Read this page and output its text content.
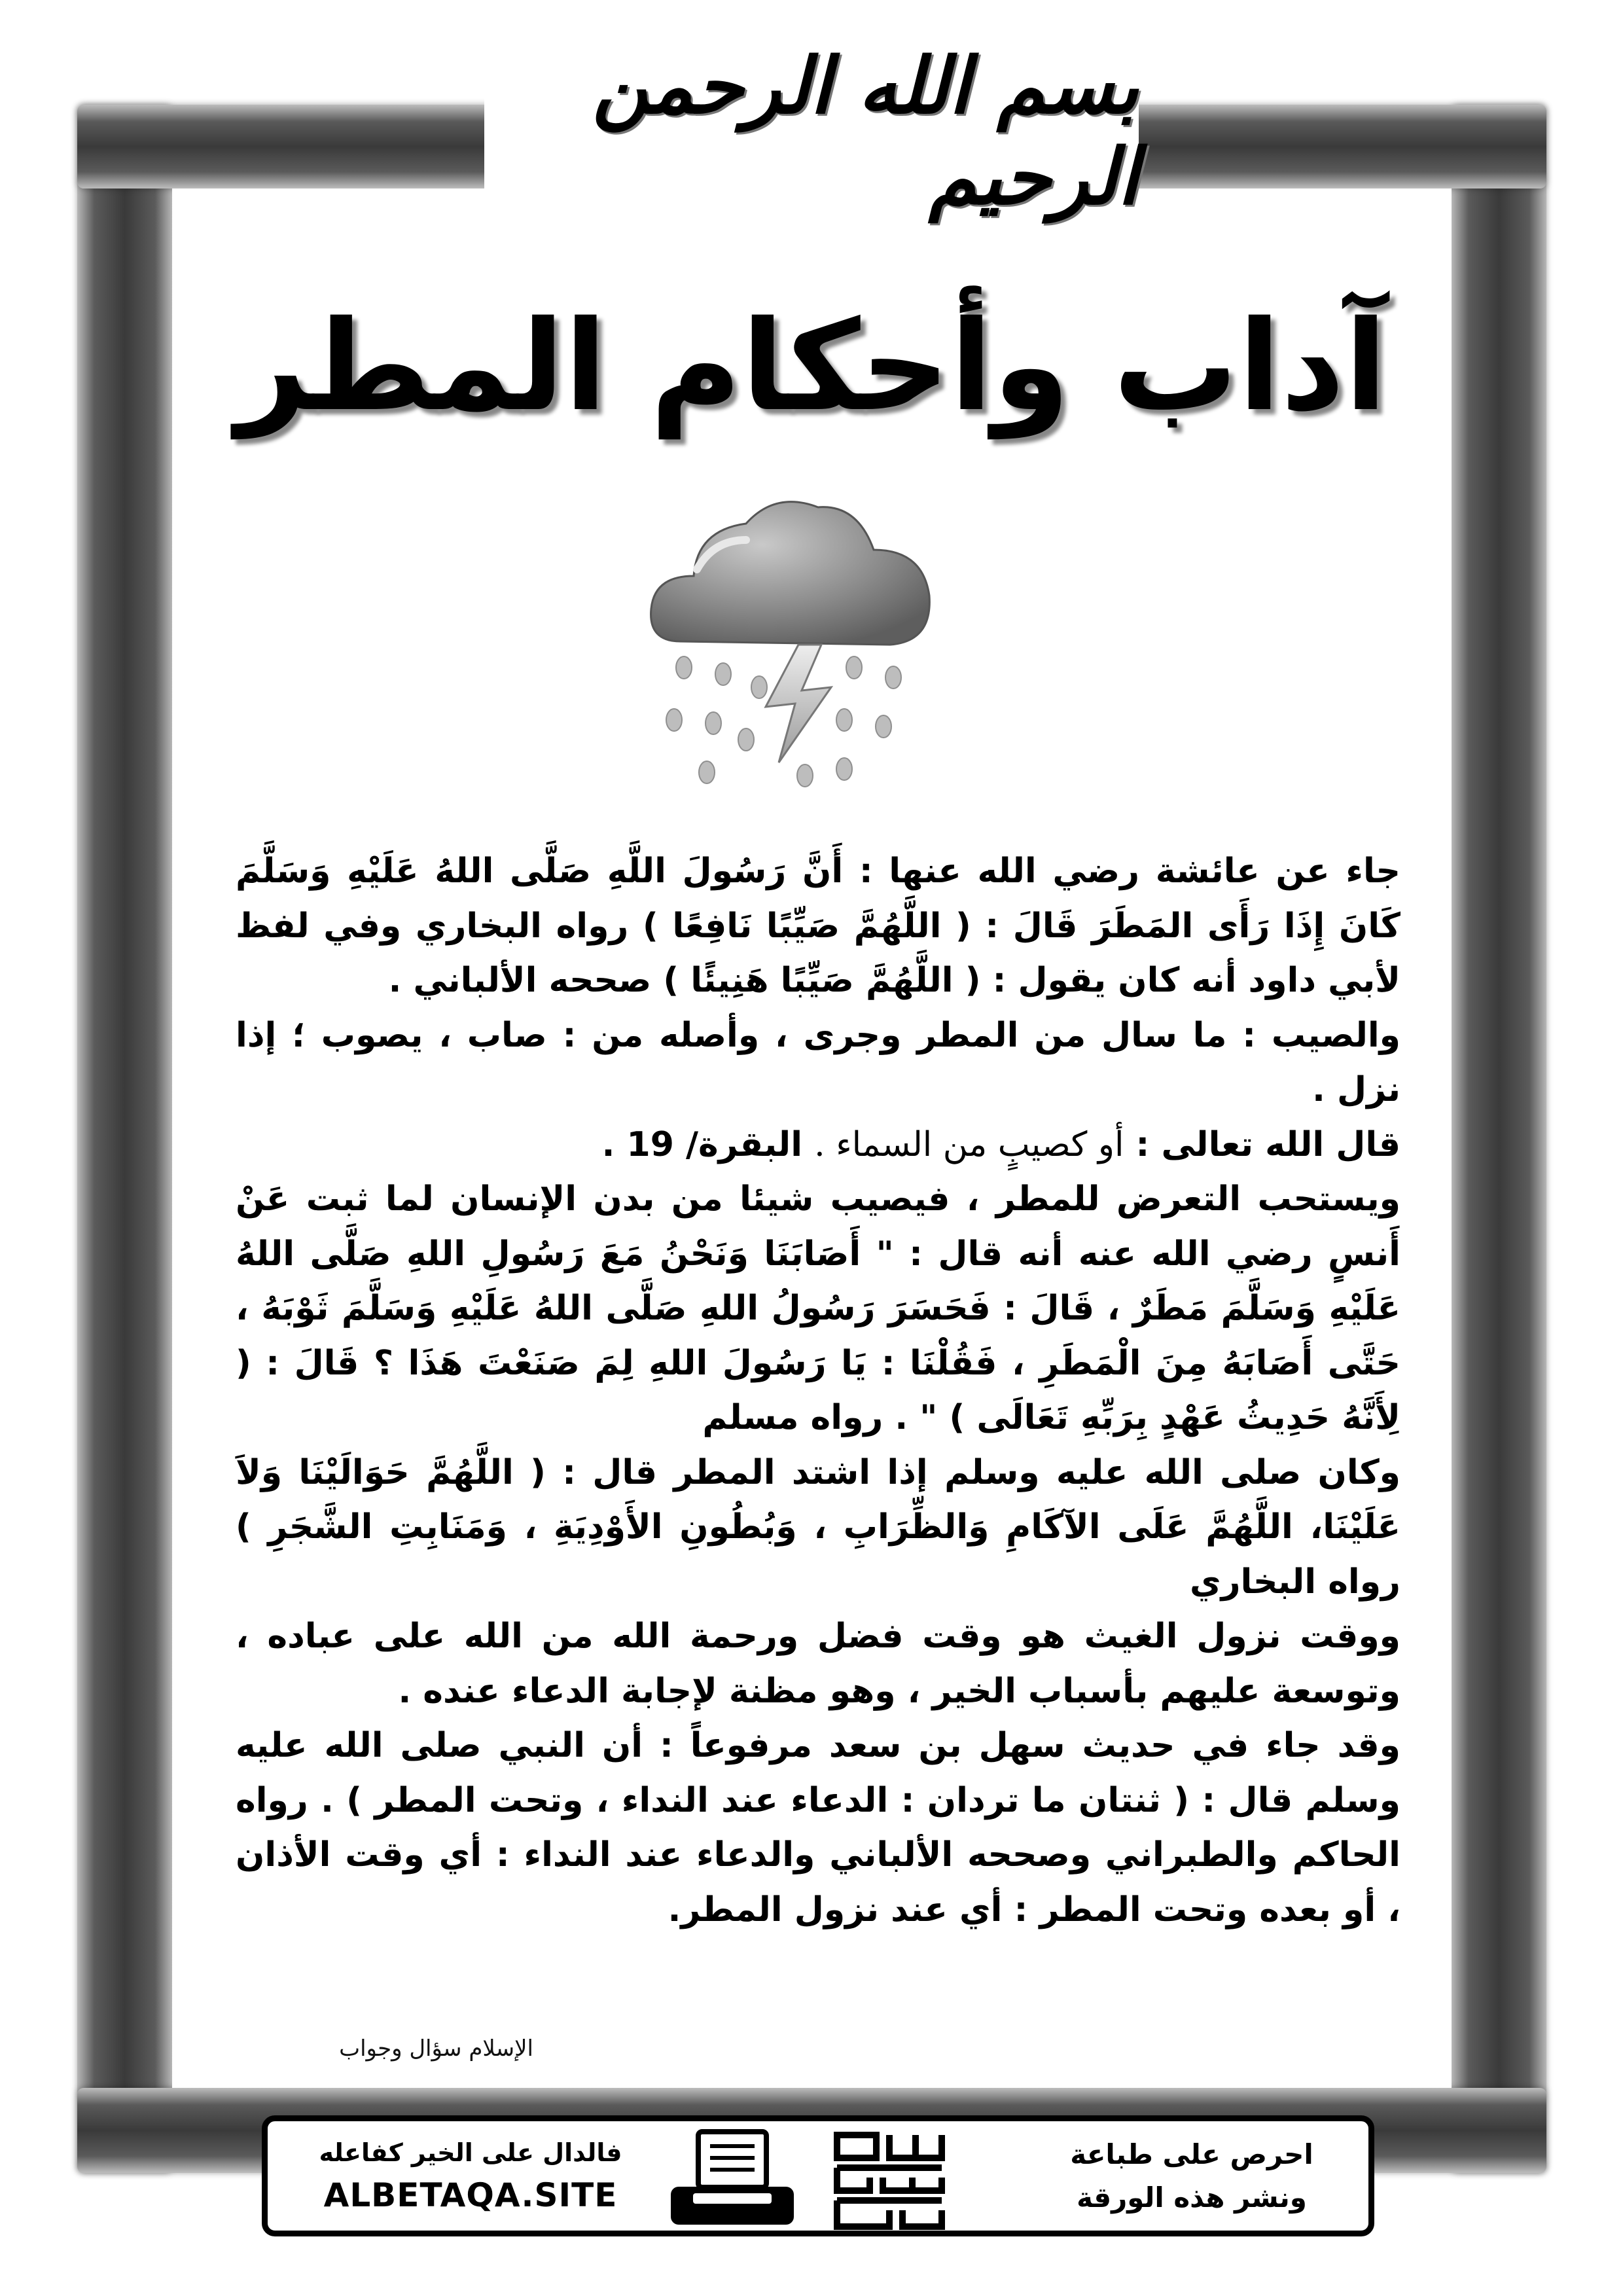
بسم الله الرحمن الرحيم
آداب وأحكام المطر

جاء عن عائشة رضي الله عنها : أَنَّ رَسُولَ اللَّهِ صَلَّى اللهُ عَلَيْهِ وَسَلَّمَ كَانَ إِذَا رَأَى المَطَرَ قَالَ : ( اللَّهُمَّ صَيِّبًا نَافِعًا ) رواه البخاري وفي لفظ لأبي داود أنه كان يقول : ( اللَّهُمَّ صَيِّبًا هَنِيئًا ) صححه الألباني .

والصيب : ما سال من المطر وجرى ، وأصله من : صاب ، يصوب ؛ إذا نزل .

قال الله تعالى : أو كصيبٍ من السماء . البقرة/ 19 .

ويستحب التعرض للمطر ، فيصيب شيئا من بدن الإنسان لما ثبت عَنْ أَنسٍ رضي الله عنه أنه قال : " أَصَابَنَا وَنَحْنُ مَعَ رَسُولِ اللهِ صَلَّى اللهُ عَلَيْهِ وَسَلَّمَ مَطَرٌ ، قَالَ : فَحَسَرَ رَسُولُ اللهِ صَلَّى اللهُ عَلَيْهِ وَسَلَّمَ ثَوْبَهُ ، حَتَّى أَصَابَهُ مِنَ الْمَطَرِ ، فَقُلْنَا : يَا رَسُولَ اللهِ لِمَ صَنَعْتَ هَذَا ؟ قَالَ : ( لِأَنَّهُ حَدِيثُ عَهْدٍ بِرَبِّهِ تَعَالَى ) " . رواه مسلم

وكان صلى الله عليه وسلم إذا اشتد المطر قال : ( اللَّهُمَّ حَوَالَيْنَا وَلاَ عَلَيْنَا، اللَّهُمَّ عَلَى الآكَامِ وَالظِّرَابِ ، وَبُطُونِ الأَوْدِيَةِ ، وَمَنَابِتِ الشَّجَرِ ) رواه البخاري

ووقت نزول الغيث هو وقت فضل ورحمة الله من الله على عباده ، وتوسعة عليهم بأسباب الخير ، وهو مظنة لإجابة الدعاء عنده .

وقد جاء في حديث سهل بن سعد مرفوعاً : أن النبي صلى الله عليه وسلم قال : ( ثنتان ما تردان : الدعاء عند النداء ، وتحت المطر ) . رواه الحاكم والطبراني وصححه الألباني والدعاء عند النداء : أي وقت الأذان ، أو بعده وتحت المطر : أي عند نزول المطر.

الإسلام سؤال وجواب
فالدال على الخير كفاعله
ALBETAQA.SITE
احرص على طباعة
ونشر هذه الورقة
